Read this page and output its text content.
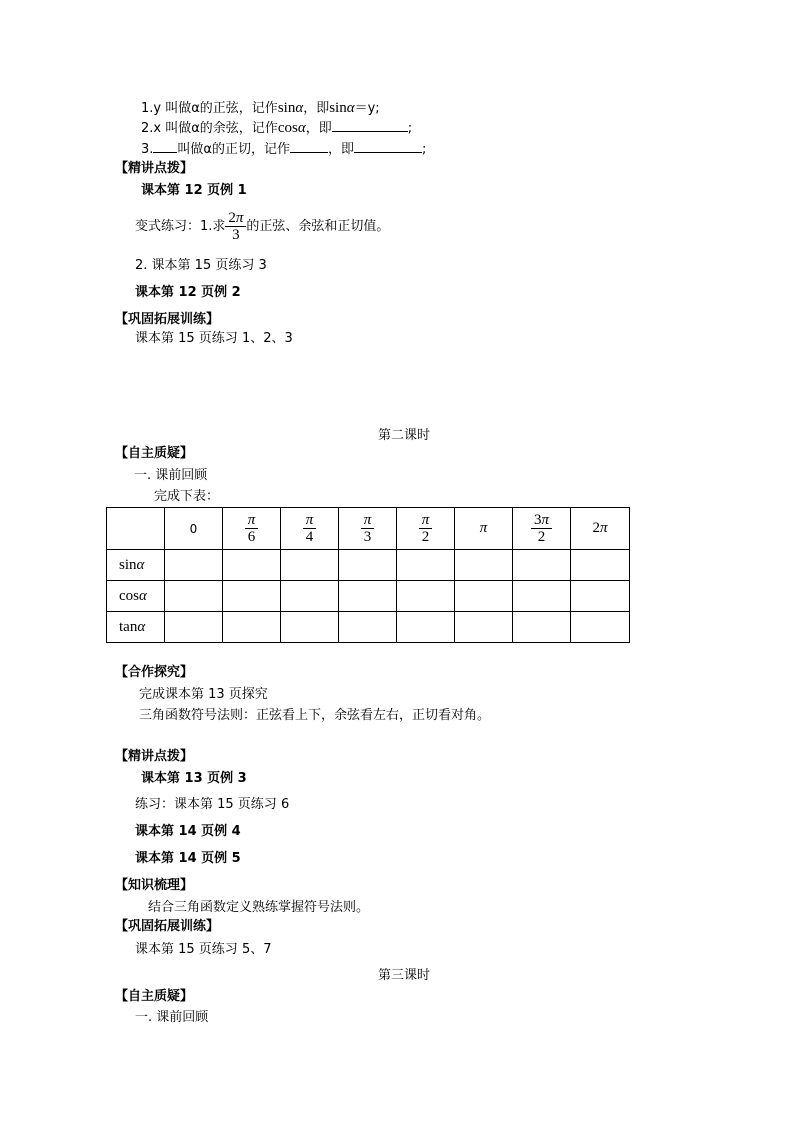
1.y 叫做α的正弦，记作sinα，即sinα＝y;
2.x 叫做α的余弦，记作cosα，即	;
3. 叫做α的正切，记作	，即	;
【精讲点拨】
课本第 12 页例 1
变式练习：1.求 $\frac{2\pi}{3}$ 的正弦、余弦和正切值。
2. 课本第 15 页练习 3
课本第 12 页例 2
【巩固拓展训练】
课本第 15 页练习 1、2、3
第二课时
【自主质疑】
一. 课前回顾
完成下表：
	0	$\frac{\pi}{6}$	$\frac{\pi}{4}$	$\frac{\pi}{3}$	$\frac{\pi}{2}$	π	$\frac{3\pi}{2}$	2π
sinα								
cosα								
tanα								
【合作探究】
完成课本第 13 页探究
三角函数符号法则：正弦看上下，余弦看左右，正切看对角。
【精讲点拨】
课本第 13 页例 3
练习：课本第 15 页练习 6
课本第 14 页例 4
课本第 14 页例 5
【知识梳理】
结合三角函数定义熟练掌握符号法则。
【巩固拓展训练】
课本第 15 页练习 5、7
第三课时
【自主质疑】
一. 课前回顾
